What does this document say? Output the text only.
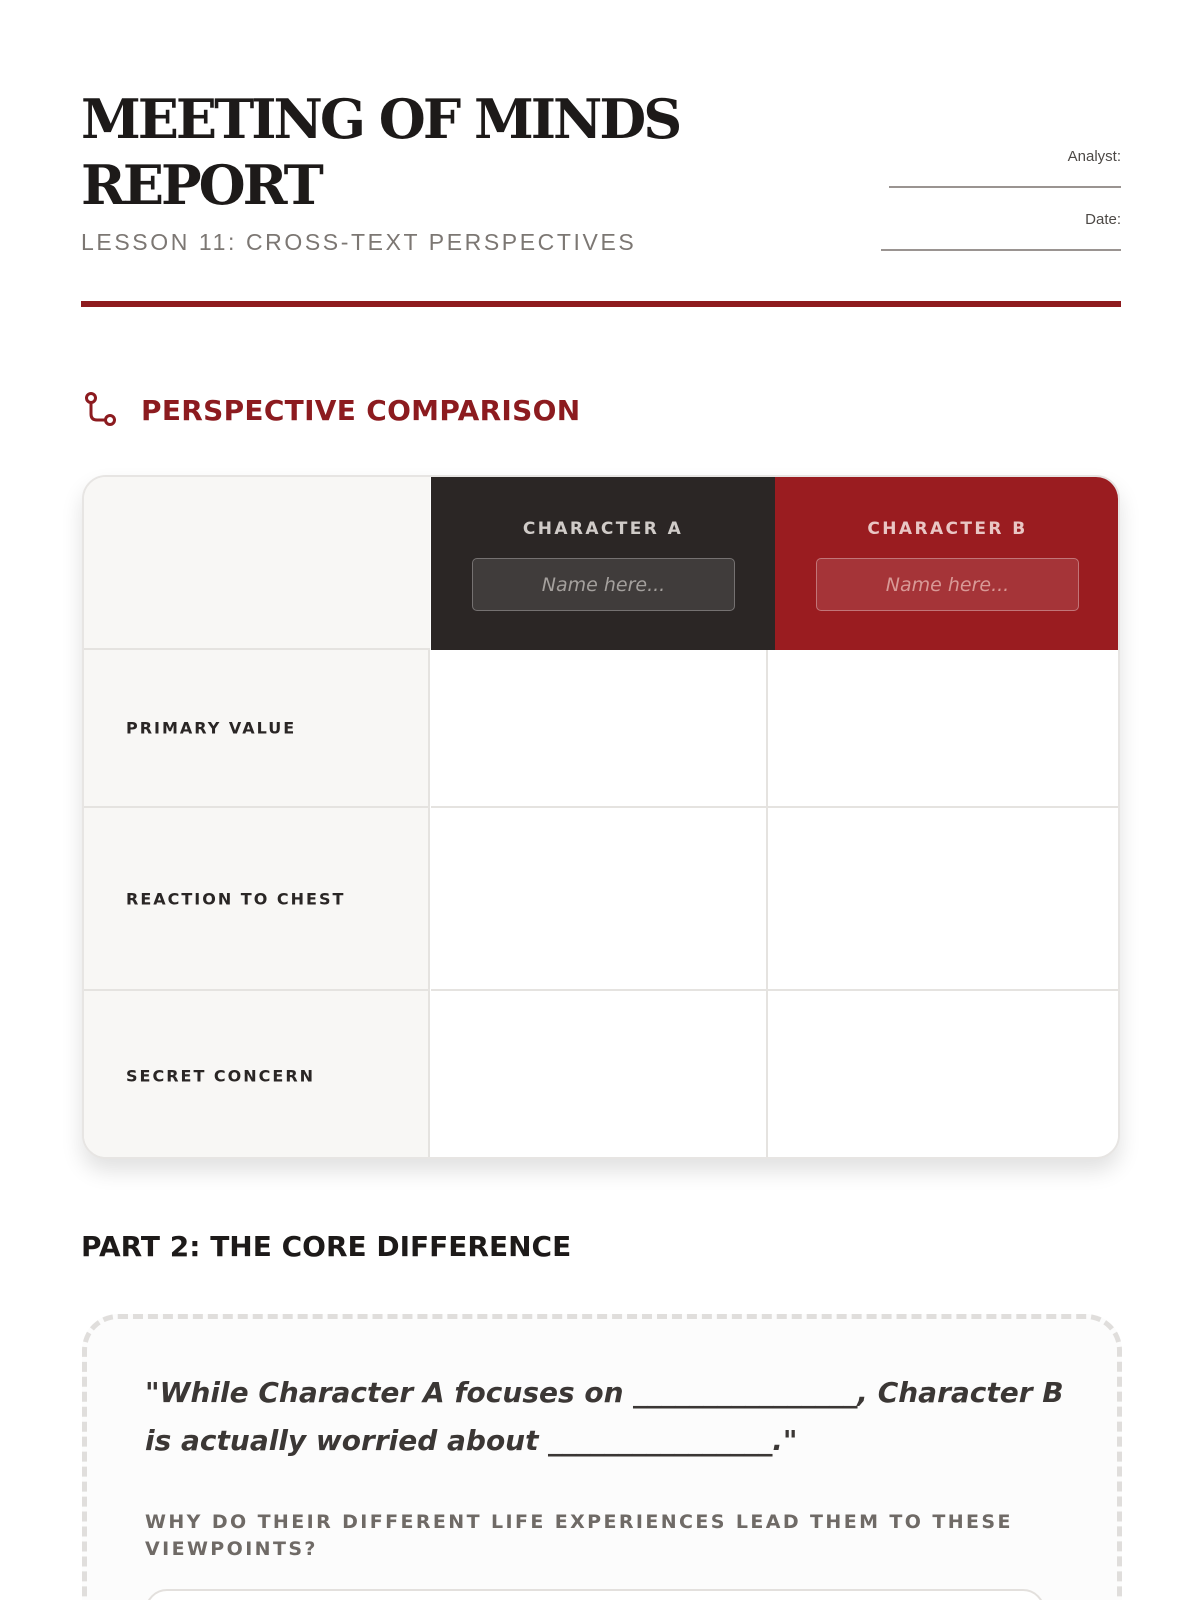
MEETING OF MINDS REPORT
LESSON 11: CROSS-TEXT PERSPECTIVES
Analyst:
Date:
PERSPECTIVE COMPARISON
CHARACTER A
Name here...	CHARACTER B
Name here...
PRIMARY VALUE
REACTION TO CHEST
SECRET CONCERN
PART 2: THE CORE DIFFERENCE
"While Character A focuses on ________________, Character B is actually worried about ________________."
WHY DO THEIR DIFFERENT LIFE EXPERIENCES LEAD THEM TO THESE VIEWPOINTS?
